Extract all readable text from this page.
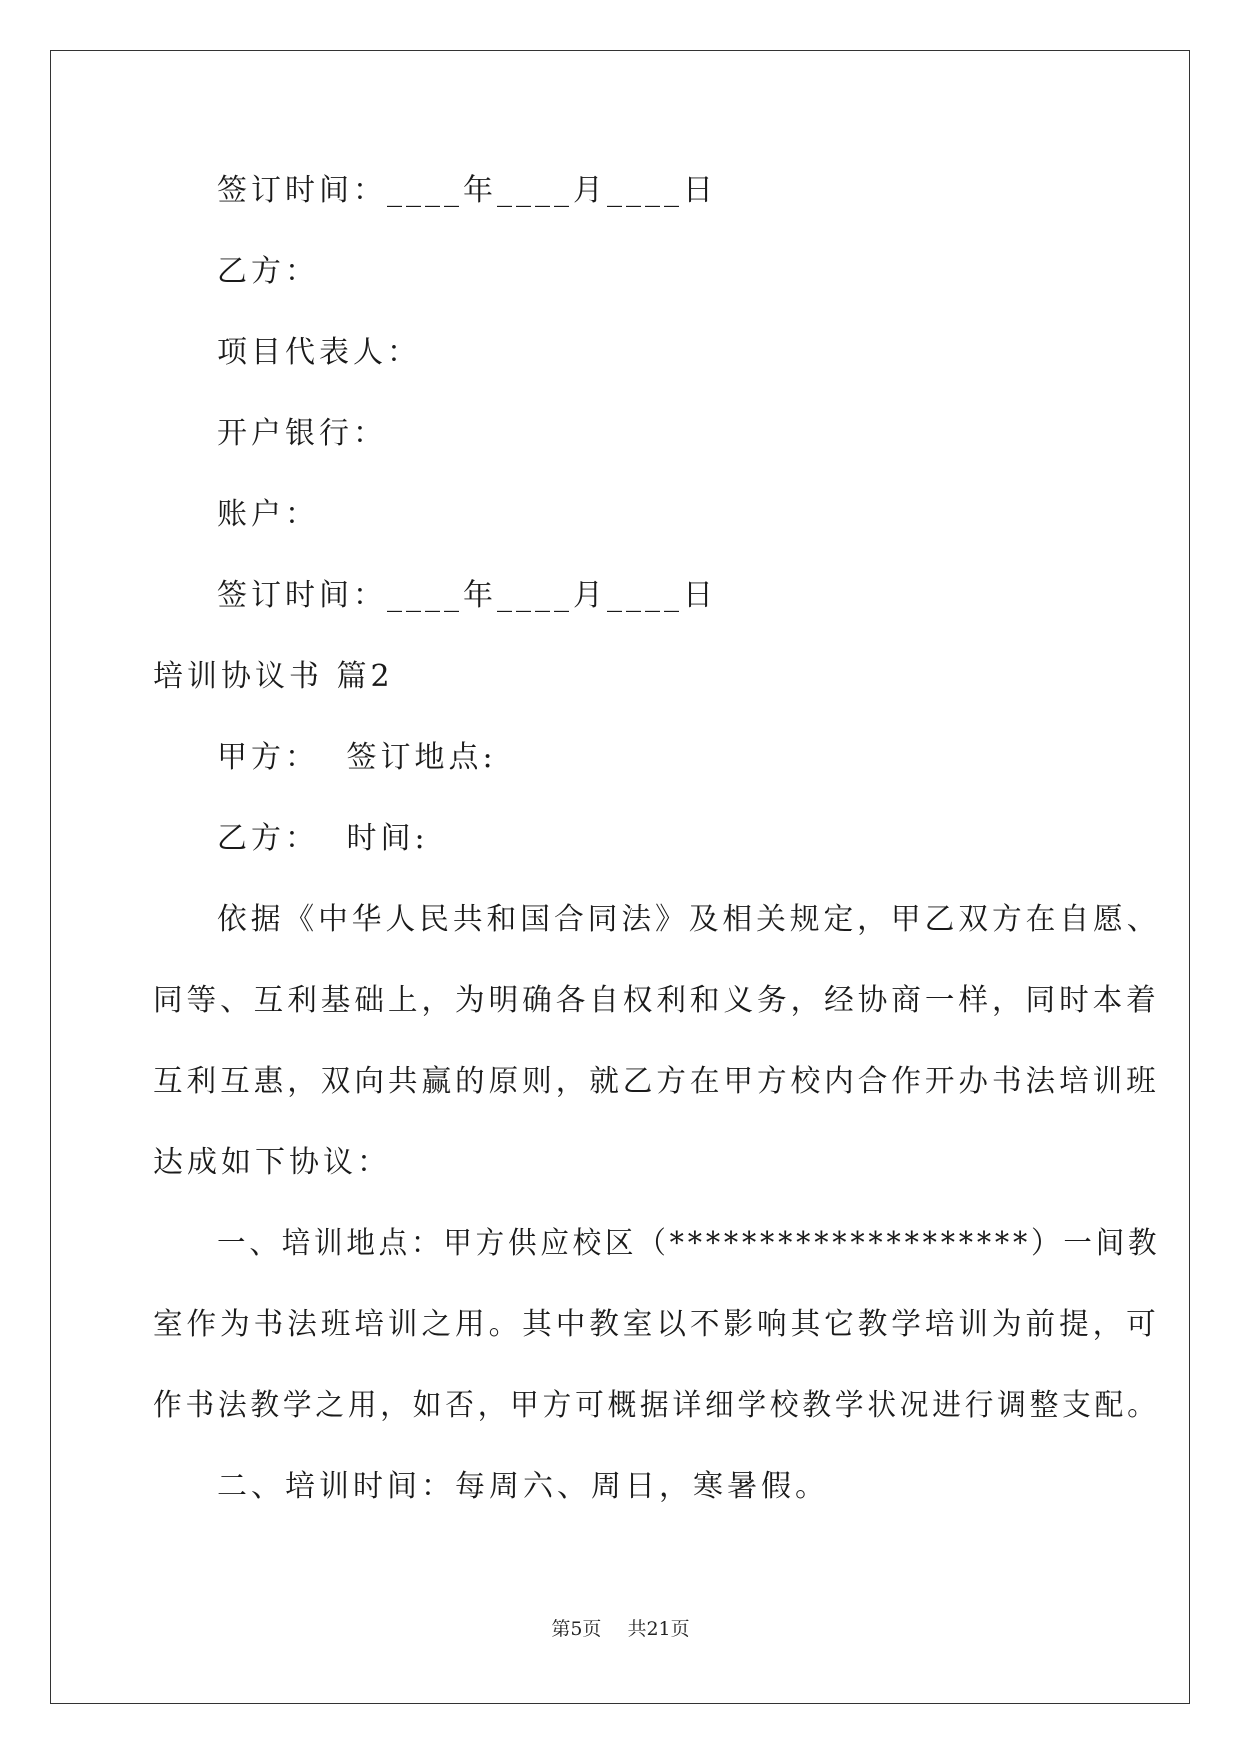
签订时间：____年____月____日
乙方：
项目代表人：
开户银行：
账户：
签订时间：____年____月____日
培训协议书 篇2
甲方： 签订地点:
乙方： 时间:
依据《中华人民共和国合同法》及相关规定，甲乙双方在自愿、
同等、互利基础上，为明确各自权利和义务，经协商一样，同时本着
互利互惠，双向共赢的原则，就乙方在甲方校内合作开办书法培训班
达成如下协议：
一、培训地点：甲方供应校区（********************）一间教
室作为书法班培训之用。其中教室以不影响其它教学培训为前提，可
作书法教学之用，如否，甲方可概据详细学校教学状况进行调整支配。
二、培训时间：每周六、周日，寒暑假。
第5页 共21页
